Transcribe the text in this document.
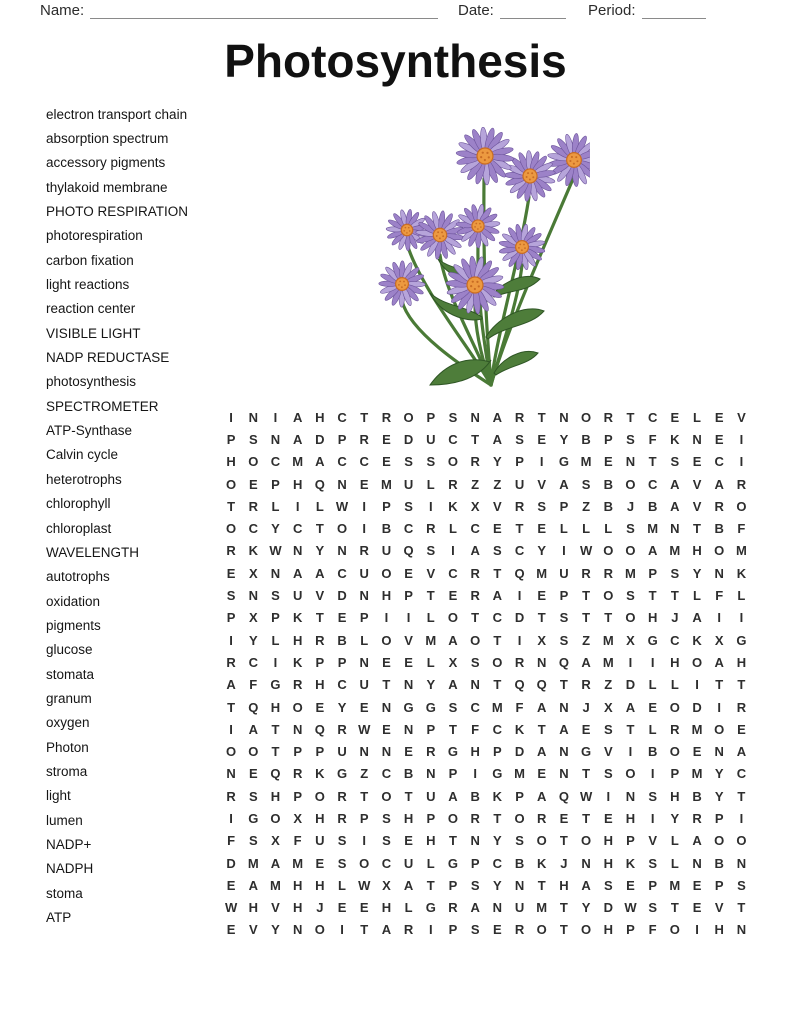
Name:	Date:	Period:
Photosynthesis
electron transport chain
absorption spectrum
accessory pigments
thylakoid membrane
PHOTO RESPIRATION
photorespiration
carbon fixation
light reactions
reaction center
VISIBLE LIGHT
NADP REDUCTASE
photosynthesis
SPECTROMETER
ATP-Synthase
Calvin cycle
heterotrophs
chlorophyll
chloroplast
WAVELENGTH
autotrophs
oxidation
pigments
glucose
stomata
granum
oxygen
Photon
stroma
light
lumen
NADP+
NADPH
stoma
ATP
I	N	I	A H C	T	R O P	S	N A R	T	N O R	T	C	E	L	E	V
P	S	N A D	P	R	E	D U C	T	A	S	E	Y	B	P	S	F	K N	E	I
H O C M A C C	E	S	S O R	Y	P	I	G M E	N	T	S	E	C	I
O E	P	H Q N	E M U	L	R	Z	Z	U	V	A	S	B O C A	V	A R
T	R	L	I	L W	I	P	S	I	K	X	V	R	S	P	Z	B	J	B A	V	R O
O C	Y	C	T	O	I	B C R	L	C	E	T	E	L	L	L	S M N	T	B	F
R K W N	Y	N R U Q S	I	A	S	C	Y	I	W O O A M H O M
E	X	N A A C U O E	V	C R	T	Q M U R R M P	S	Y	N K
S	N	S	U	V	D N H	P	T	E	R A	I	E	P	T	O S	T	T	L	F	L
P	X	P	K	T	E	P	I	I	L	O	T	C D	T	S	T	T	O H	J	A	I	I
I	Y	L	H R B	L	O V M A O	T	I	X	S	Z M X G C K	X G
R C	I	K	P	P	N	E	E	L	X	S O R N Q A M	I	I	H O A H
A	F	G R H C U	T	N	Y	A N	T	Q Q	T	R	Z	D	L	L	I	T	T
T	Q H O E	Y	E	N G G S	C M F	A N	J	X	A	E O D	I	R
I	A	T	N Q R W E	N	P	T	F	C K	T	A	E	S	T	L	R M O E
O O	T	P	P	U N N	E	R G H	P	D A N G V	I	B O E	N A
N	E Q R K G	Z	C B N	P	I	G M E	N	T	S O	I	P M Y	C
R	S	H	P O R	T	O	T	U A B K	P	A Q W	I	N	S	H B	Y	T
I	G O X	H R	P	S	H	P O R	T	O R	E	T	E	H	I	Y	R	P	I
F	S	X	F	U	S	I	S	E	H	T	N	Y	S O	T	O H	P	V	L	A O O
D M A M E	S O C U	L	G P	C B K	J	N H K	S	L	N B N
E	A M H H	L W X	A	T	P	S	Y	N	T	H A	S	E	P M E	P	S
W H	V	H	J	E	E	H	L	G R A N U M T	Y	D W S	T	E	V	T
E	V	Y	N O	I	T	A R	I	P	S	E	R O	T	O H	P	F	O	I	H N
